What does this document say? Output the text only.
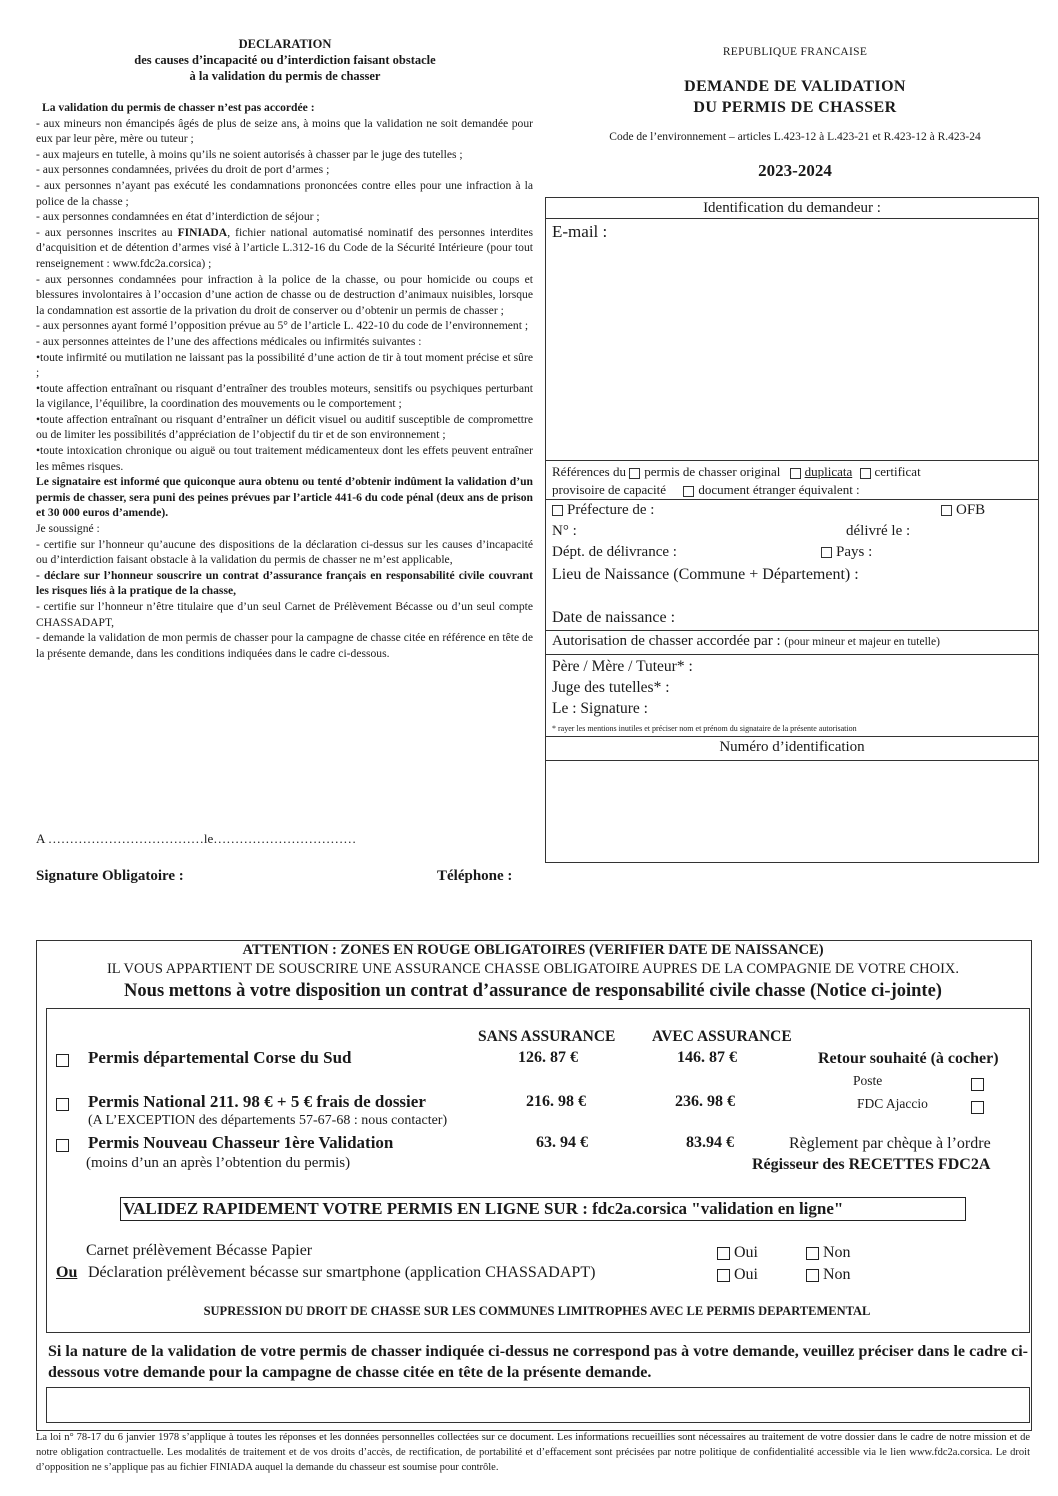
DECLARATION
des causes d’incapacité ou d’interdiction faisant obstacle
à la validation du permis de chasser

La validation du permis de chasser n’est pas accordée :

- aux mineurs non émancipés âgés de plus de seize ans, à moins que la validation ne soit demandée pour eux par leur père, mère ou tuteur ;

- aux majeurs en tutelle, à moins qu’ils ne soient autorisés à chasser par le juge des tutelles ;

- aux personnes condamnées, privées du droit de port d’armes ;

- aux personnes n’ayant pas exécuté les condamnations prononcées contre elles pour une infraction à la police de la chasse ;

- aux personnes condamnées en état d’interdiction de séjour ;

- aux personnes inscrites au FINIADA, fichier national automatisé nominatif des personnes interdites d’acquisition et de détention d’armes visé à l’article L.312-16 du Code de la Sécurité Intérieure (pour tout renseignement : www.fdc2a.corsica) ;

- aux personnes condamnées pour infraction à la police de la chasse, ou pour homicide ou coups et blessures involontaires à l’occasion d’une action de chasse ou de destruction d’animaux nuisibles, lorsque la condamnation est assortie de la privation du droit de conserver ou d’obtenir un permis de chasser ;

- aux personnes ayant formé l’opposition prévue au 5° de l’article L. 422-10 du code de l’environnement ;

- aux personnes atteintes de l’une des affections médicales ou infirmités suivantes :

•toute infirmité ou mutilation ne laissant pas la possibilité d’une action de tir à tout moment précise et sûre ;

•toute affection entraînant ou risquant d’entraîner des troubles moteurs, sensitifs ou psychiques perturbant la vigilance, l’équilibre, la coordination des mouvements ou le comportement ;

•toute affection entraînant ou risquant d’entraîner un déficit visuel ou auditif susceptible de compromettre ou de limiter les possibilités d’appréciation de l’objectif du tir et de son environnement ;

•toute intoxication chronique ou aiguë ou tout traitement médicamenteux dont les effets peuvent entraîner les mêmes risques.

Le signataire est informé que quiconque aura obtenu ou tenté d’obtenir indûment la validation d’un permis de chasser, sera puni des peines prévues par l’article 441-6 du code pénal (deux ans de prison et 30 000 euros d’amende).

Je soussigné :

- certifie sur l’honneur qu’aucune des dispositions de la déclaration ci-dessus sur les causes d’incapacité ou d’interdiction faisant obstacle à la validation du permis de chasser ne m’est applicable,

- déclare sur l’honneur souscrire un contrat d’assurance français en responsabilité civile couvrant les risques liés à la pratique de la chasse,

- certifie sur l’honneur n’être titulaire que d’un seul Carnet de Prélèvement Bécasse ou d’un seul compte CHASSADAPT,

- demande la validation de mon permis de chasser pour la campagne de chasse citée en référence en tête de la présente demande, dans les conditions indiquées dans le cadre ci-dessous.

A ………………………………le……………………………
Signature Obligatoire :	Téléphone :
REPUBLIQUE FRANCAISE
DEMANDE DE VALIDATION
DU PERMIS DE CHASSER
Code de l’environnement – articles L.423-12 à L.423-21 et R.423-12 à R.423-24
2023-2024
Identification du demandeur :
E-mail :
Références du permis de chasser original duplicata certificat
provisoire de capacité document étranger équivalent :
Préfecture de :	OFB
N° :	délivré le :
Dépt. de délivrance :	Pays :
Lieu de Naissance (Commune + Département) :
Date de naissance :
Autorisation de chasser accordée par : (pour mineur et majeur en tutelle)
Père / Mère / Tuteur* :
Juge des tutelles* :
Le : Signature :
* rayer les mentions inutiles et préciser nom et prénom du signataire de la présente autorisation
Numéro d’identification
ATTENTION : ZONES EN ROUGE OBLIGATOIRES (VERIFIER DATE DE NAISSANCE)
IL VOUS APPARTIENT DE SOUSCRIRE UNE ASSURANCE CHASSE OBLIGATOIRE AUPRES DE LA COMPAGNIE DE VOTRE CHOIX.
Nous mettons à votre disposition un contrat d’assurance de responsabilité civile chasse (Notice ci-jointe)
SANS ASSURANCE AVEC ASSURANCE
Permis départemental Corse du Sud	126. 87 €	146. 87 €
Permis National 211. 98 € + 5 € frais de dossier
(A L’EXCEPTION des départements 57-67-68 : nous contacter)
216. 98 €	236. 98 €
Permis Nouveau Chasseur 1ère Validation
(moins d’un an après l’obtention du permis)
63. 94 €	83.94 €
Retour souhaité (à cocher)
Poste
FDC Ajaccio
Règlement par chèque à l’ordre
Régisseur des RECETTES FDC2A
VALIDEZ RAPIDEMENT VOTRE PERMIS EN LIGNE SUR : fdc2a.corsica "validation en ligne"
Carnet prélèvement Bécasse Papier	Oui	Non
Ou Déclaration prélèvement bécasse sur smartphone (application CHASSADAPT)	Oui	Non
SUPRESSION DU DROIT DE CHASSE SUR LES COMMUNES LIMITROPHES AVEC LE PERMIS DEPARTEMENTAL
Si la nature de la validation de votre permis de chasser indiquée ci-dessus ne correspond pas à votre demande, veuillez préciser dans le cadre ci-dessous votre demande pour la campagne de chasse citée en tête de la présente demande.
La loi n° 78-17 du 6 janvier 1978 s’applique à toutes les réponses et les données personnelles collectées sur ce document. Les informations recueillies sont nécessaires au traitement de votre dossier dans le cadre de notre mission et de notre obligation contractuelle. Les modalités de traitement et de vos droits d’accès, de rectification, de portabilité et d’effacement sont précisées par notre politique de confidentialité accessible via le lien www.fdc2a.corsica. Le droit d’opposition ne s’applique pas au fichier FINIADA auquel la demande du chasseur est soumise pour contrôle.
